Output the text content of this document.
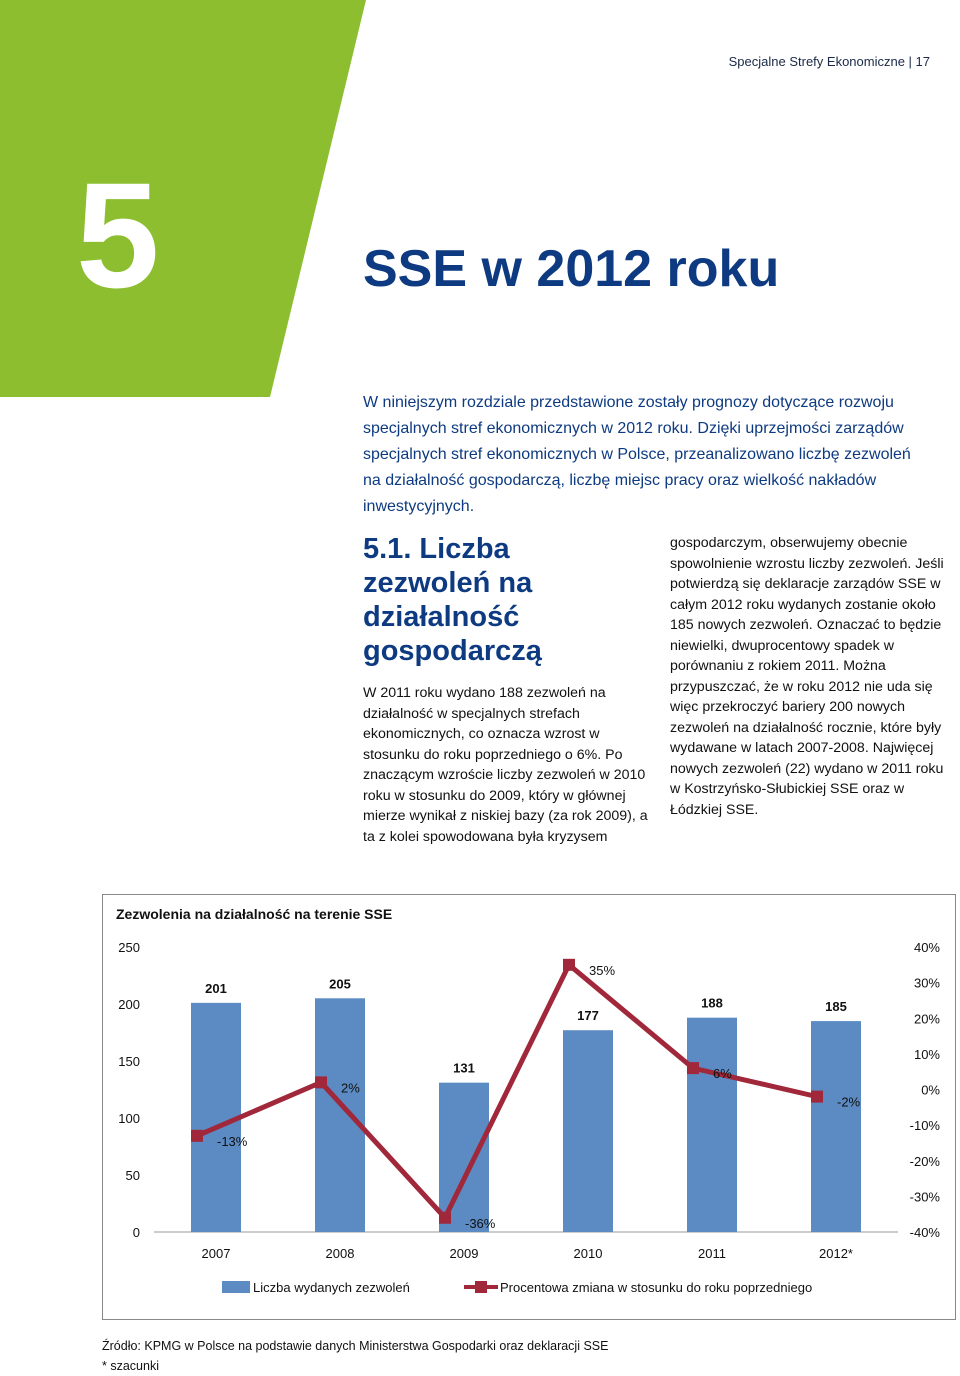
Specjalne Strefy Ekonomiczne | 17
5	SSE w 2012 roku
W niniejszym rozdziale przedstawione zostały prognozy dotyczące rozwoju specjalnych stref ekonomicznych w 2012 roku. Dzięki uprzejmości zarządów specjalnych stref ekonomicznych w Polsce, przeanalizowano liczbę zezwoleń na działalność gospodarczą, liczbę miejsc pracy oraz wielkość nakładów inwestycyjnych.
5.1. Liczba zezwoleń na działalność gospodarczą
W 2011 roku wydano 188 zezwoleń na działalność w specjalnych strefach ekonomicznych, co oznacza wzrost w stosunku do roku poprzedniego o 6%. Po znaczącym wzroście liczby zezwoleń w 2010 roku w stosunku do 2009, który w głównej mierze wynikał z niskiej bazy (za rok 2009), a ta z kolei spowodowana była kryzysem
gospodarczym, obserwujemy obecnie spowolnienie wzrostu liczby zezwoleń. Jeśli potwierdzą się deklaracje zarządów SSE w całym 2012 roku wydanych zostanie około 185 nowych zezwoleń. Oznaczać to będzie niewielki, dwuprocentowy spadek w porównaniu z rokiem 2011. Można przypuszczać, że w roku 2012 nie uda się więc przekroczyć bariery 200 nowych zezwoleń na działalność rocznie, które były wydawane w latach 2007-2008. Najwięcej nowych zezwoleń (22) wydano w 2011 roku w Kostrzyńsko-Słubickiej SSE oraz w Łódzkiej SSE.
Zezwolenia na działalność na terenie SSE
0
50
100
150
200
250
-40%
-30%
-20%
-10%
0%
10%
20%
30%
40%
201
2007
205
2008
131
2009
177
2010
188
2011
185
2012*
-13%
2%
-36%
35%
6%
-2%
Liczba wydanych zezwoleń	Procentowa zmiana w stosunku do roku poprzedniego
Źródło: KPMG w Polsce na podstawie danych Ministerstwa Gospodarki oraz deklaracji SSE
* szacunki
